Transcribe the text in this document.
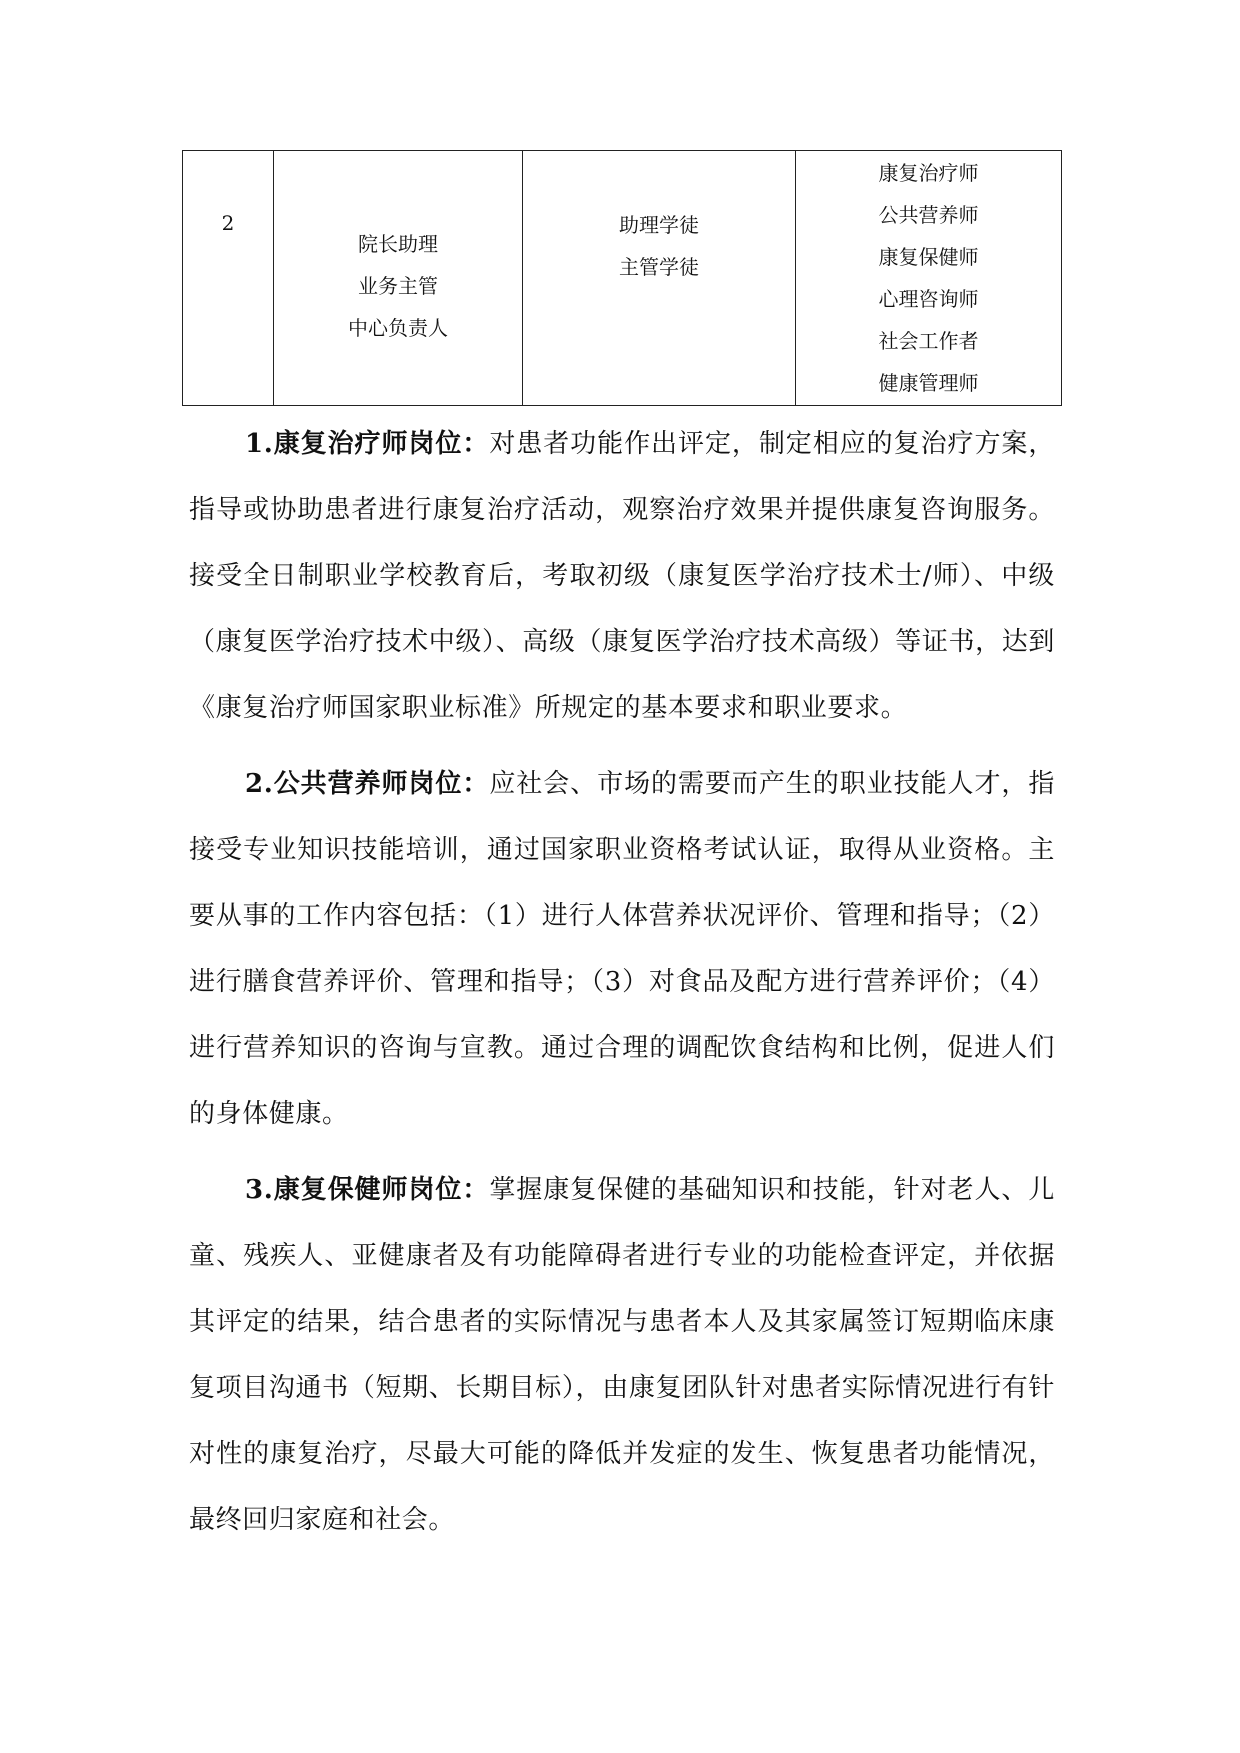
2

院长助理
业务主管
中心负责人

助理学徒
主管学徒

康复治疗师
公共营养师
康复保健师
心理咨询师
社会工作者
健康管理师

1.康复治疗师岗位：对患者功能作出评定，制定相应的复治疗方案，指导或协助患者进行康复治疗活动，观察治疗效果并提供康复咨询服务。接受全日制职业学校教育后，考取初级（康复医学治疗技术士/师）、中级（康复医学治疗技术中级）、高级（康复医学治疗技术高级）等证书，达到《康复治疗师国家职业标准》所规定的基本要求和职业要求。

2.公共营养师岗位：应社会、市场的需要而产生的职业技能人才，指接受专业知识技能培训，通过国家职业资格考试认证，取得从业资格。主要从事的工作内容包括：（1）进行人体营养状况评价、管理和指导；（2）进行膳食营养评价、管理和指导；（3）对食品及配方进行营养评价；（4）进行营养知识的咨询与宣教。通过合理的调配饮食结构和比例，促进人们的身体健康。

3.康复保健师岗位：掌握康复保健的基础知识和技能，针对老人、儿童、残疾人、亚健康者及有功能障碍者进行专业的功能检查评定，并依据其评定的结果，结合患者的实际情况与患者本人及其家属签订短期临床康复项目沟通书（短期、长期目标），由康复团队针对患者实际情况进行有针对性的康复治疗，尽最大可能的降低并发症的发生、恢复患者功能情况，最终回归家庭和社会。
